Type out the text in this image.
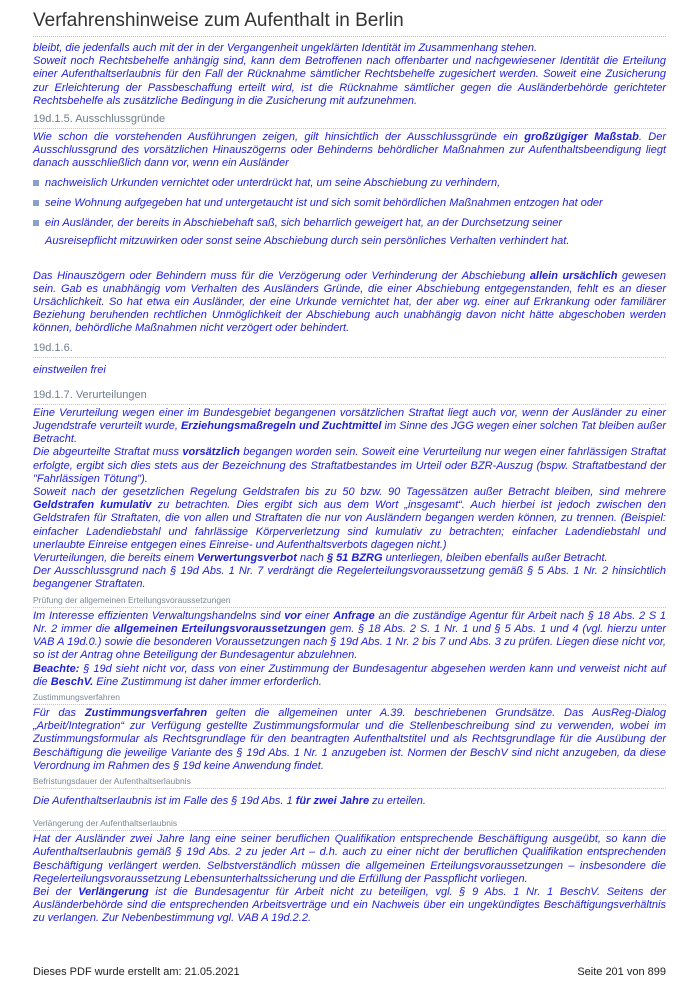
Verfahrenshinweise zum Aufenthalt in Berlin

bleibt, die jedenfalls auch mit der in der Vergangenheit ungeklärten Identität im Zusammenhang stehen.

Soweit noch Rechtsbehelfe anhängig sind, kann dem Betroffenen nach offenbarter und nachgewiesener Identität die Erteilung einer Aufenthaltserlaubnis für den Fall der Rücknahme sämtlicher Rechtsbehelfe zugesichert werden. Soweit eine Zusicherung zur Erleichterung der Passbeschaffung erteilt wird, ist die Rücknahme sämtlicher gegen die Ausländerbehörde gerichteter Rechtsbehelfe als zusätzliche Bedingung in die Zusicherung mit aufzunehmen.

19d.1.5. Ausschlussgründe

Wie schon die vorstehenden Ausführungen zeigen, gilt hinsichtlich der Ausschlussgründe ein großzügiger Maßstab. Der Ausschlussgrund des vorsätzlichen Hinauszögerns oder Behinderns behördlicher Maßnahmen zur Aufenthaltsbeendigung liegt danach ausschließlich dann vor, wenn ein Ausländer

nachweislich Urkunden vernichtet oder unterdrückt hat, um seine Abschiebung zu verhindern,
seine Wohnung aufgegeben hat und untergetaucht ist und sich somit behördlichen Maßnahmen entzogen hat oder
ein Ausländer, der bereits in Abschiebehaft saß, sich beharrlich geweigert hat, an der Durchsetzung seiner
Ausreisepflicht mitzuwirken oder sonst seine Abschiebung durch sein persönliches Verhalten verhindert hat.

Das Hinauszögern oder Behindern muss für die Verzögerung oder Verhinderung der Abschiebung allein ursächlich gewesen sein. Gab es unabhängig vom Verhalten des Ausländers Gründe, die einer Abschiebung entgegenstanden, fehlt es an dieser Ursächlichkeit. So hat etwa ein Ausländer, der eine Urkunde vernichtet hat, der aber wg. einer auf Erkrankung oder familiärer Beziehung beruhenden rechtlichen Unmöglichkeit der Abschiebung auch unabhängig davon nicht hätte abgeschoben werden können, behördliche Maßnahmen nicht verzögert oder behindert.

19d.1.6.

einstweilen frei

19d.1.7. Verurteilungen

Eine Verurteilung wegen einer im Bundesgebiet begangenen vorsätzlichen Straftat liegt auch vor, wenn der Ausländer zu einer Jugendstrafe verurteilt wurde, Erziehungsmaßregeln und Zuchtmittel im Sinne des JGG wegen einer solchen Tat bleiben außer Betracht.

Die abgeurteilte Straftat muss vorsätzlich begangen worden sein. Soweit eine Verurteilung nur wegen einer fahrlässigen Straftat erfolgte, ergibt sich dies stets aus der Bezeichnung des Straftatbestandes im Urteil oder BZR-Auszug (bspw. Straftatbestand der "Fahrlässigen Tötung").

Soweit nach der gesetzlichen Regelung Geldstrafen bis zu 50 bzw. 90 Tagessätzen außer Betracht bleiben, sind mehrere Geldstrafen kumulativ zu betrachten. Dies ergibt sich aus dem Wort „insgesamt“. Auch hierbei ist jedoch zwischen den Geldstrafen für Straftaten, die von allen und Straftaten die nur von Ausländern begangen werden können, zu trennen. (Beispiel: einfacher Ladendiebstahl und fahrlässige Körperverletzung sind kumulativ zu betrachten; einfacher Ladendiebstahl und unerlaubte Einreise entgegen eines Einreise- und Aufenthaltsverbots dagegen nicht.)

Verurteilungen, die bereits einem Verwertungsverbot nach § 51 BZRG unterliegen, bleiben ebenfalls außer Betracht.

Der Ausschlussgrund nach § 19d Abs. 1 Nr. 7 verdrängt die Regelerteilungsvoraussetzung gemäß § 5 Abs. 1 Nr. 2 hinsichtlich begangener Straftaten.

Prüfung der allgemeinen Erteilungsvoraussetzungen

Im Interesse effizienten Verwaltungshandelns sind vor einer Anfrage an die zuständige Agentur für Arbeit nach § 18 Abs. 2 S 1 Nr. 2 immer die allgemeinen Erteilungsvoraussetzungen gem. § 18 Abs. 2 S. 1 Nr. 1 und § 5 Abs. 1 und 4 (vgl. hierzu unter VAB A 19d.0.) sowie die besonderen Voraussetzungen nach § 19d Abs. 1 Nr. 2 bis 7 und Abs. 3 zu prüfen. Liegen diese nicht vor, so ist der Antrag ohne Beteiligung der Bundesagentur abzulehnen.

Beachte: § 19d sieht nicht vor, dass von einer Zustimmung der Bundesagentur abgesehen werden kann und verweist nicht auf die BeschV. Eine Zustimmung ist daher immer erforderlich.

Zustimmungsverfahren

Für das Zustimmungsverfahren gelten die allgemeinen unter A.39. beschriebenen Grundsätze. Das AusReg-Dialog „Arbeit/Integration“ zur Verfügung gestellte Zustimmungsformular und die Stellenbeschreibung sind zu verwenden, wobei im Zustimmungsformular als Rechtsgrundlage für den beantragten Aufenthaltstitel und als Rechtsgrundlage für die Ausübung der Beschäftigung die jeweilige Variante des § 19d Abs. 1 Nr. 1 anzugeben ist. Normen der BeschV sind nicht anzugeben, da diese Verordnung im Rahmen des § 19d keine Anwendung findet.

Befristungsdauer der Aufenthaltserlaubnis

Die Aufenthaltserlaubnis ist im Falle des § 19d Abs. 1 für zwei Jahre zu erteilen.

Verlängerung der Aufenthaltserlaubnis

Hat der Ausländer zwei Jahre lang eine seiner beruflichen Qualifikation entsprechende Beschäftigung ausgeübt, so kann die Aufenthaltserlaubnis gemäß § 19d Abs. 2 zu jeder Art – d.h. auch zu einer nicht der beruflichen Qualifikation entsprechenden Beschäftigung verlängert werden. Selbstverständlich müssen die allgemeinen Erteilungsvoraussetzungen – insbesondere die Regelerteilungsvoraussetzung Lebensunterhaltssicherung und die Erfüllung der Passpflicht vorliegen.

Bei der Verlängerung ist die Bundesagentur für Arbeit nicht zu beteiligen, vgl. § 9 Abs. 1 Nr. 1 BeschV. Seitens der Ausländerbehörde sind die entsprechenden Arbeitsverträge und ein Nachweis über ein ungekündigtes Beschäftigungsverhältnis zu verlangen. Zur Nebenbestimmung vgl. VAB A 19d.2.2.

Dieses PDF wurde erstellt am: 21.05.2021	Seite 201 von 899
